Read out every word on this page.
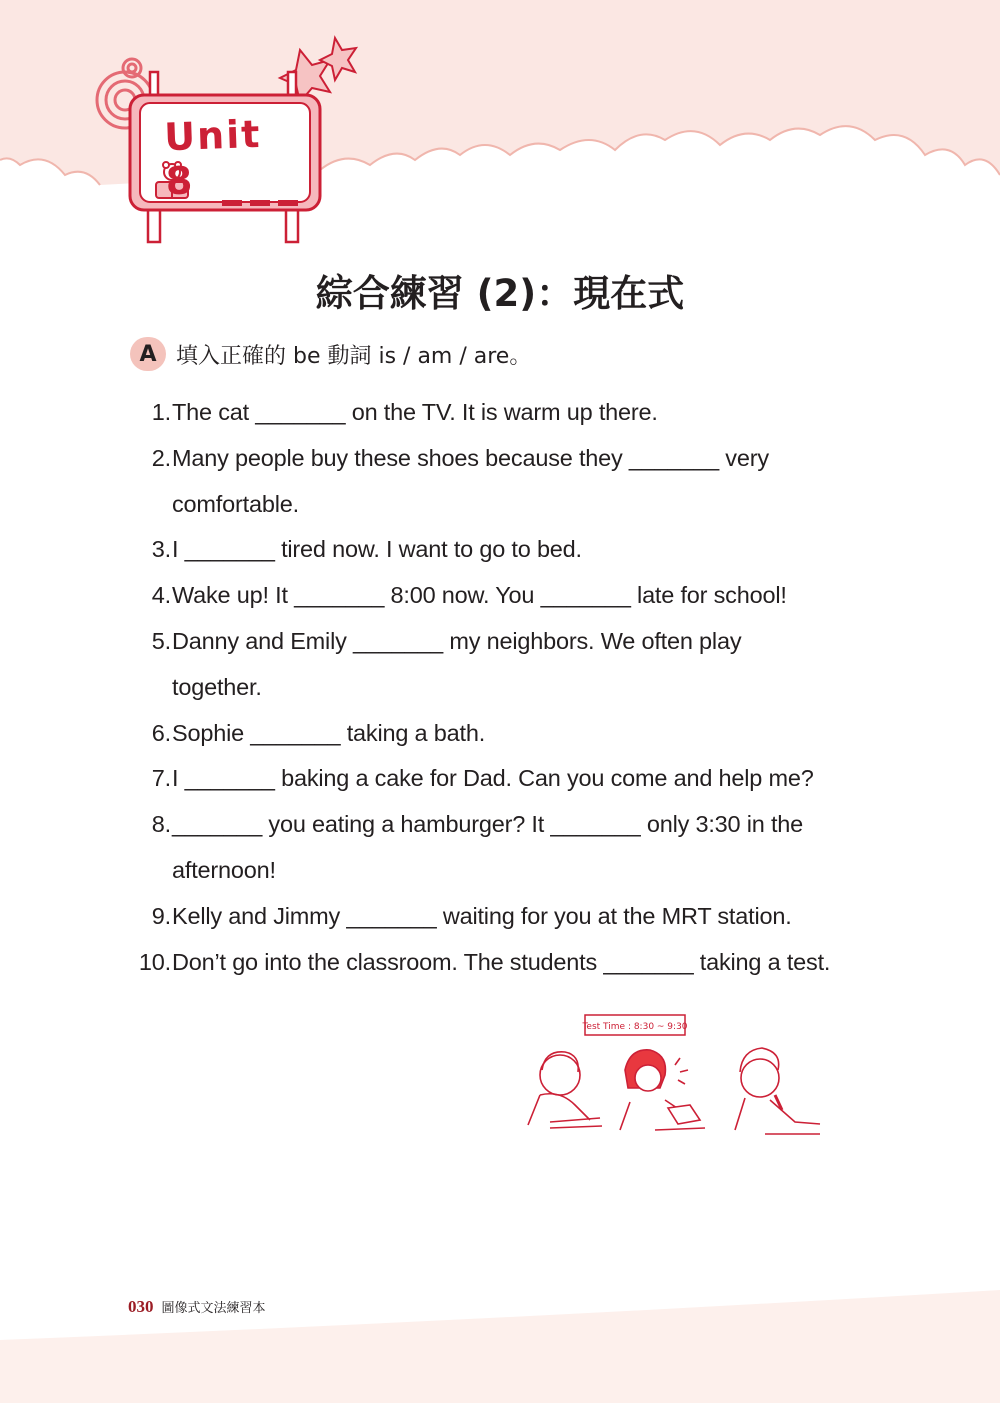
Unit 8
綜合練習 (2)：現在式
A 填入正確的 be 動詞 is / am / are。
1. The cat _______ on the TV. It is warm up there.
2. Many people buy these shoes because they _______ very comfortable.
3. I _______ tired now. I want to go to bed.
4. Wake up! It _______ 8:00 now. You _______ late for school!
5. Danny and Emily _______ my neighbors. We often play together.
6. Sophie _______ taking a bath.
7. I _______ baking a cake for Dad. Can you come and help me?
8. _______ you eating a hamburger? It _______ only 3:30 in the afternoon!
9. Kelly and Jimmy _______ waiting for you at the MRT station.
10. Don’t go into the classroom. The students _______ taking a test.
Test Time : 8:30 ~ 9:30
030 圖像式文法練習本
